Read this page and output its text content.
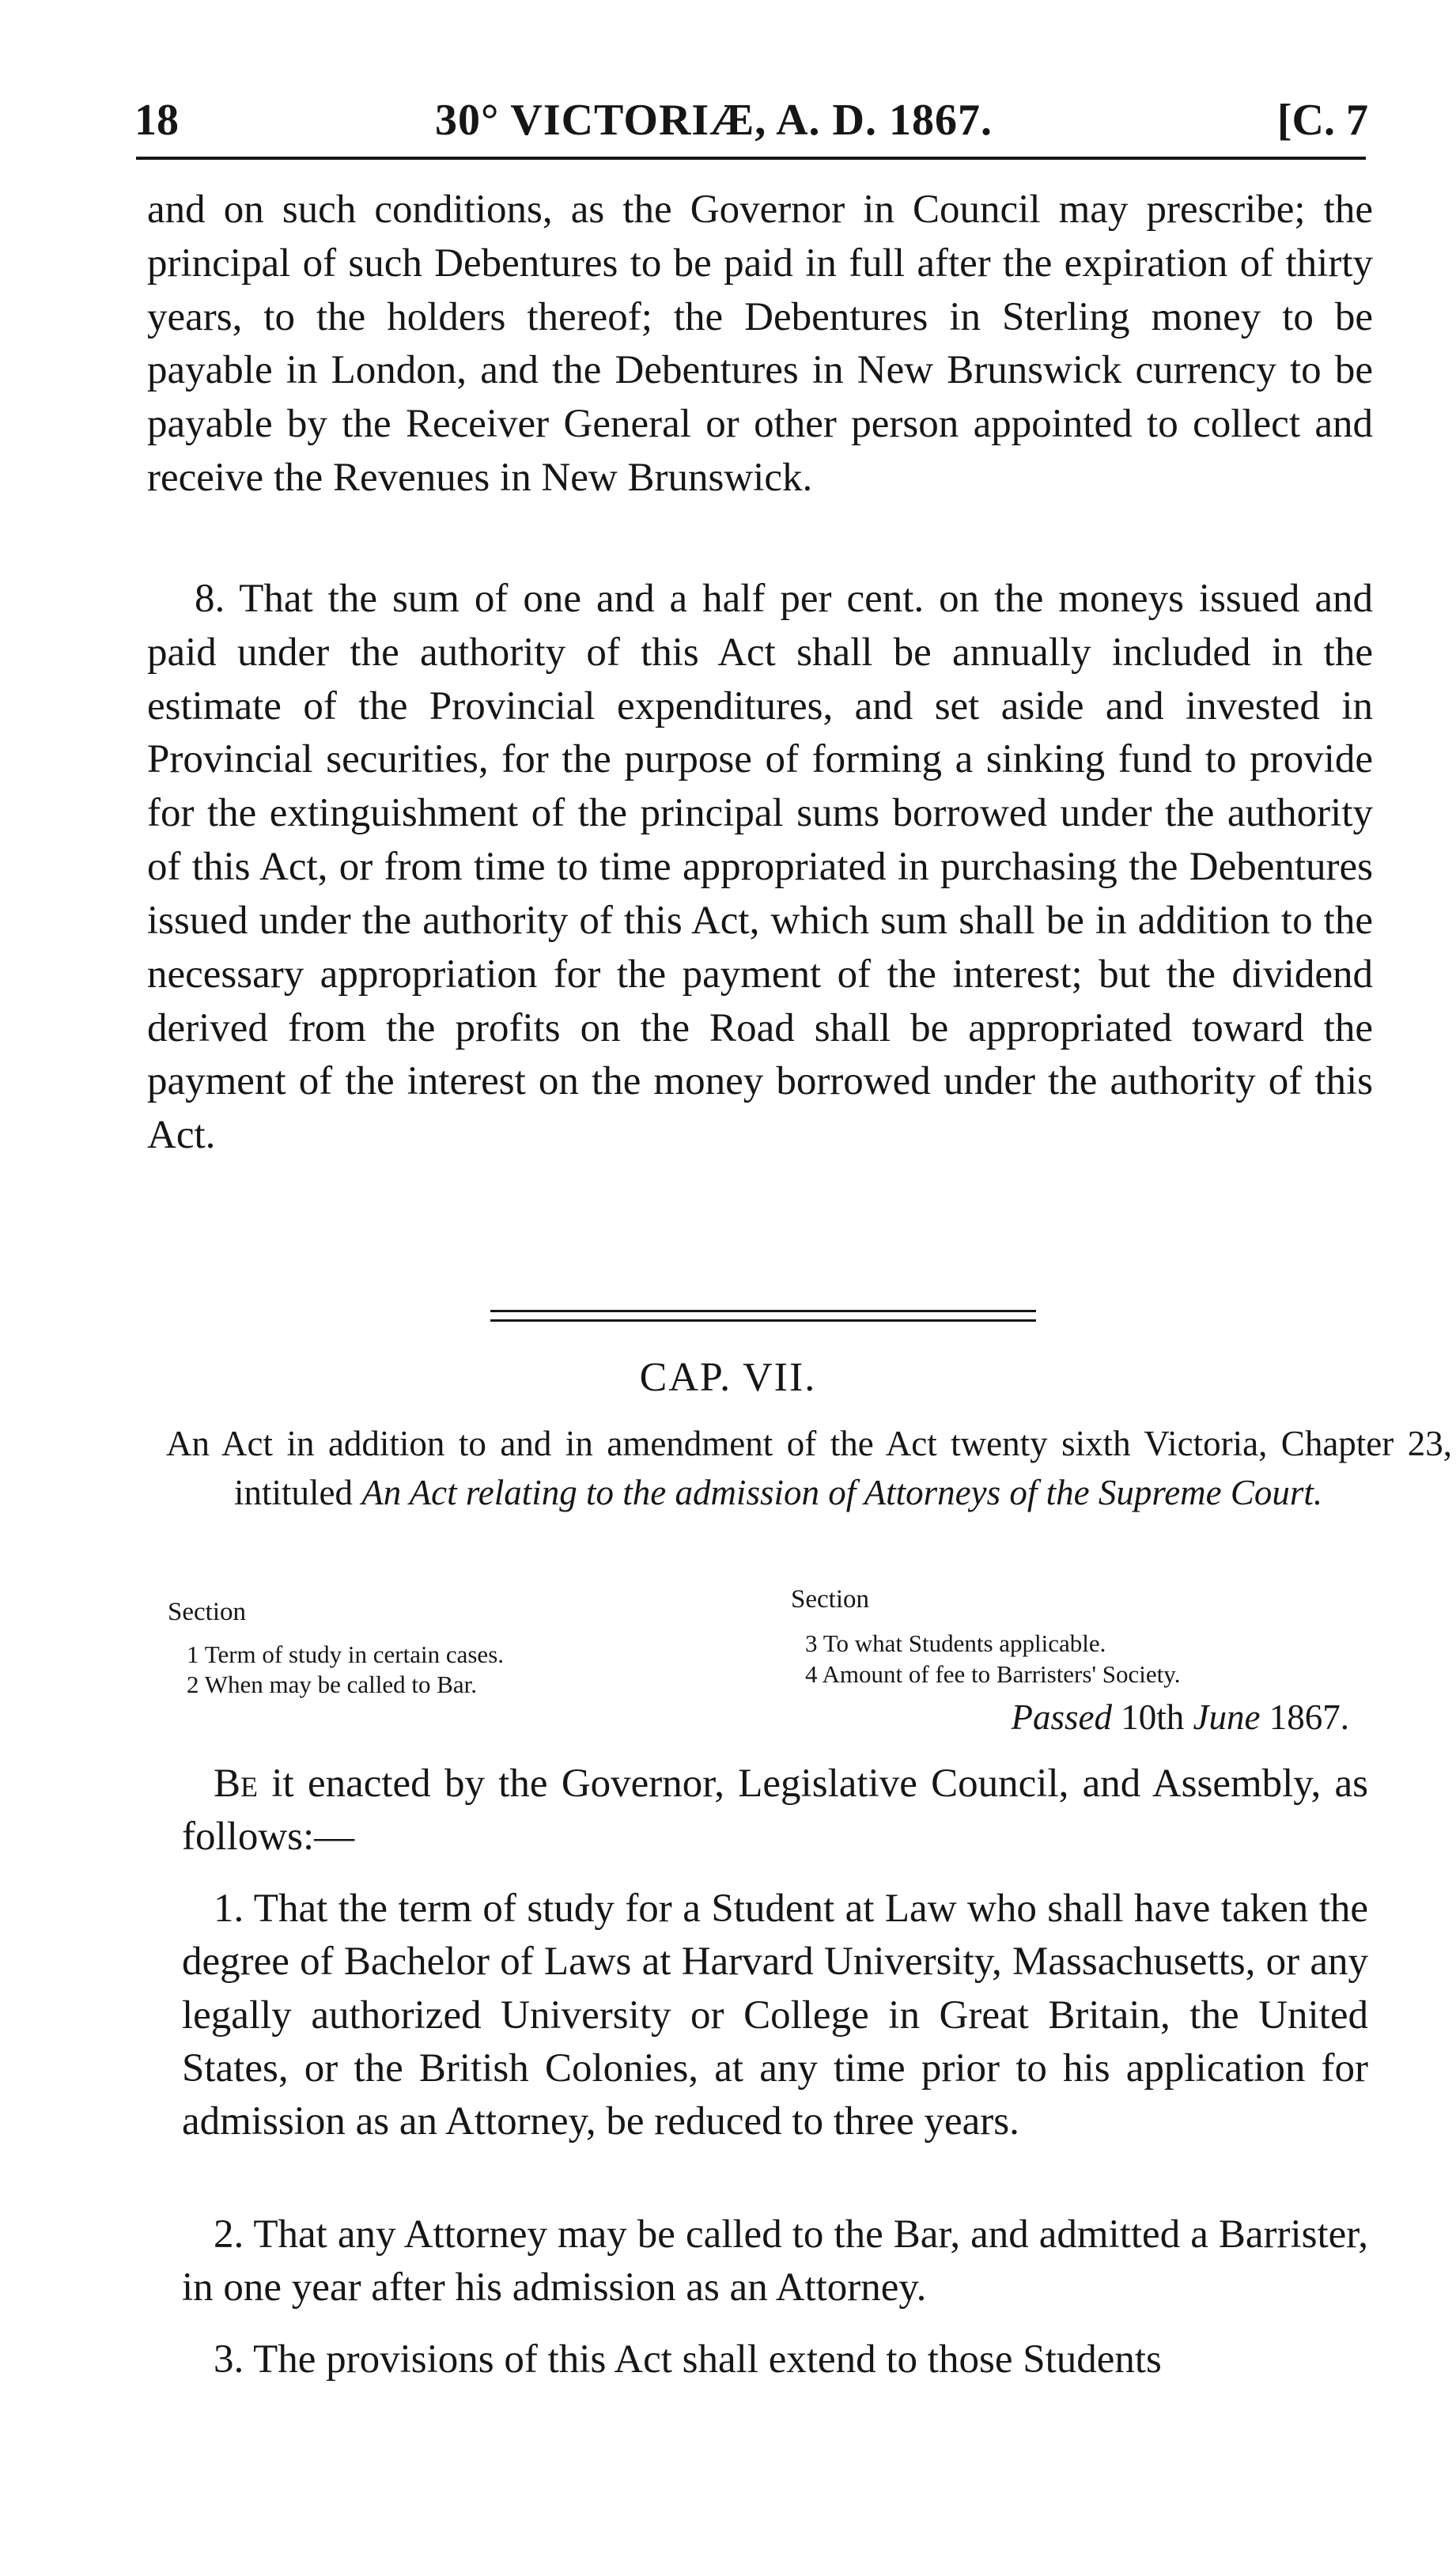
18	30° VICTORIÆ, A. D. 1867.	[C. 7

and on such conditions, as the Governor in Council may prescribe; the principal of such Debentures to be paid in full after the expiration of thirty years, to the holders thereof; the Debentures in Sterling money to be payable in London, and the Debentures in New Brunswick currency to be payable by the Receiver General or other person appointed to collect and receive the Revenues in New Brunswick.

8. That the sum of one and a half per cent. on the moneys issued and paid under the authority of this Act shall be annually included in the estimate of the Provincial expenditures, and set aside and invested in Provincial securities, for the purpose of forming a sinking fund to provide for the extinguishment of the principal sums borrowed under the authority of this Act, or from time to time appropriated in purchasing the Debentures issued under the authority of this Act, which sum shall be in addition to the necessary appropriation for the payment of the interest; but the dividend derived from the profits on the Road shall be appropriated toward the payment of the interest on the money borrowed under the authority of this Act.

CAP. VII.

An Act in addition to and in amendment of the Act twenty sixth Victoria, Chapter 23, intituled An Act relating to the admission of Attorneys of the Supreme Court.

Section	Section
1 Term of study in certain cases.
2 When may be called to Bar.
3 To what Students applicable.
4 Amount of fee to Barristers' Society.
Passed 10th June 1867.

Be it enacted by the Governor, Legislative Council, and Assembly, as follows:—

1. That the term of study for a Student at Law who shall have taken the degree of Bachelor of Laws at Harvard University, Massachusetts, or any legally authorized University or College in Great Britain, the United States, or the British Colonies, at any time prior to his application for admission as an Attorney, be reduced to three years.

2. That any Attorney may be called to the Bar, and admitted a Barrister, in one year after his admission as an Attorney.

3. The provisions of this Act shall extend to those Students
